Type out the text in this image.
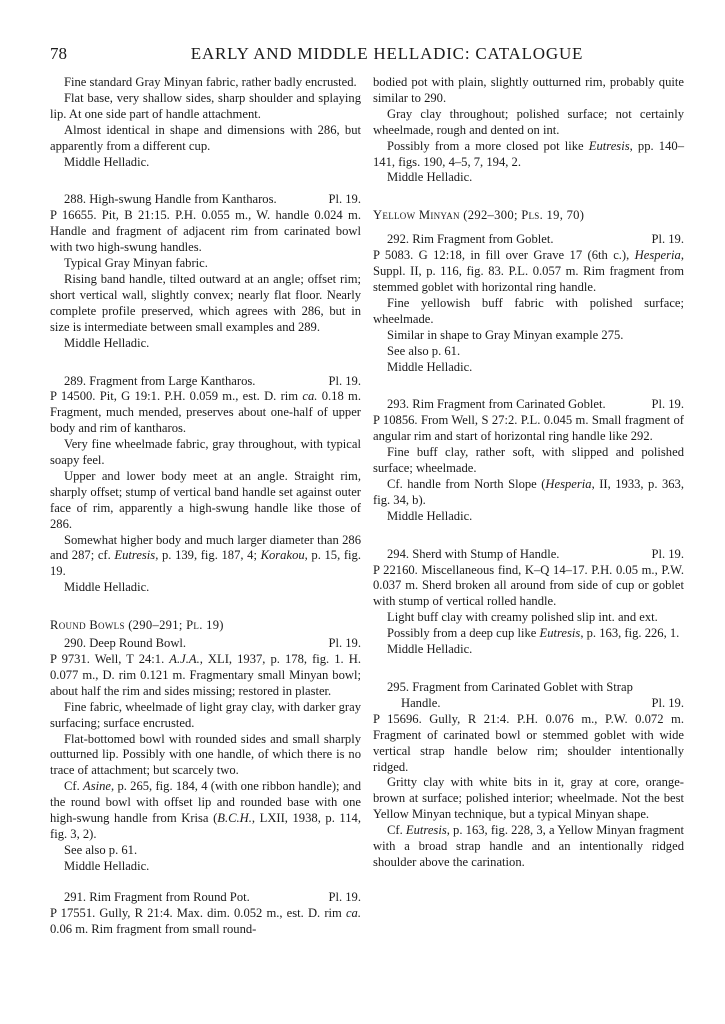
78	EARLY AND MIDDLE HELLADIC: CATALOGUE

Fine standard Gray Minyan fabric, rather badly encrusted.

Flat base, very shallow sides, sharp shoulder and splaying lip. At one side part of handle attachment.

Almost identical in shape and dimensions with 286, but apparently from a different cup.

Middle Helladic.

288. High-swung Handle from Kantharos.	Pl. 19.

P 16655. Pit, B 21:15. P.H. 0.055 m., W. handle 0.024 m. Handle and fragment of adjacent rim from carinated bowl with two high-swung handles.

Typical Gray Minyan fabric.

Rising band handle, tilted outward at an angle; offset rim; short vertical wall, slightly convex; nearly flat floor. Nearly complete profile preserved, which agrees with 286, but in size is intermediate between small examples and 289.

Middle Helladic.

289. Fragment from Large Kantharos.	Pl. 19.

P 14500. Pit, G 19:1. P.H. 0.059 m., est. D. rim ca. 0.18 m. Fragment, much mended, preserves about one-half of upper body and rim of kantharos.

Very fine wheelmade fabric, gray throughout, with typical soapy feel.

Upper and lower body meet at an angle. Straight rim, sharply offset; stump of vertical band handle set against outer face of rim, apparently a high-swung handle like those of 286.

Somewhat higher body and much larger diameter than 286 and 287; cf. Eutresis, p. 139, fig. 187, 4; Korakou, p. 15, fig. 19.

Middle Helladic.

Round Bowls (290–291; Pl. 19)

290. Deep Round Bowl.	Pl. 19.

P 9731. Well, T 24:1. A.J.A., XLI, 1937, p. 178, fig. 1. H. 0.077 m., D. rim 0.121 m. Fragmentary small Minyan bowl; about half the rim and sides missing; restored in plaster.

Fine fabric, wheelmade of light gray clay, with darker gray surfacing; surface encrusted.

Flat-bottomed bowl with rounded sides and small sharply outturned lip. Possibly with one handle, of which there is no trace of attachment; but scarcely two.

Cf. Asine, p. 265, fig. 184, 4 (with one ribbon handle); and the round bowl with offset lip and rounded base with one high-swung handle from Krisa (B.C.H., LXII, 1938, p. 114, fig. 3, 2).

See also p. 61.

Middle Helladic.

291. Rim Fragment from Round Pot.	Pl. 19.

P 17551. Gully, R 21:4. Max. dim. 0.052 m., est. D. rim ca. 0.06 m. Rim fragment from small round-

bodied pot with plain, slightly outturned rim, probably quite similar to 290.

Gray clay throughout; polished surface; not certainly wheelmade, rough and dented on int.

Possibly from a more closed pot like Eutresis, pp. 140–141, figs. 190, 4–5, 7, 194, 2.

Middle Helladic.

Yellow Minyan (292–300; Pls. 19, 70)

292. Rim Fragment from Goblet.	Pl. 19.

P 5083. G 12:18, in fill over Grave 17 (6th c.), Hesperia, Suppl. II, p. 116, fig. 83. P.L. 0.057 m. Rim fragment from stemmed goblet with horizontal ring handle.

Fine yellowish buff fabric with polished surface; wheelmade.

Similar in shape to Gray Minyan example 275.

See also p. 61.

Middle Helladic.

293. Rim Fragment from Carinated Goblet.	Pl. 19.

P 10856. From Well, S 27:2. P.L. 0.045 m. Small fragment of angular rim and start of horizontal ring handle like 292.

Fine buff clay, rather soft, with slipped and polished surface; wheelmade.

Cf. handle from North Slope (Hesperia, II, 1933, p. 363, fig. 34, b).

Middle Helladic.

294. Sherd with Stump of Handle.	Pl. 19.

P 22160. Miscellaneous find, K–Q 14–17. P.H. 0.05 m., P.W. 0.037 m. Sherd broken all around from side of cup or goblet with stump of vertical rolled handle.

Light buff clay with creamy polished slip int. and ext.

Possibly from a deep cup like Eutresis, p. 163, fig. 226, 1.

Middle Helladic.

295. Fragment from Carinated Goblet with Strap

Handle.	Pl. 19.

P 15696. Gully, R 21:4. P.H. 0.076 m., P.W. 0.072 m. Fragment of carinated bowl or stemmed goblet with wide vertical strap handle below rim; shoulder intentionally ridged.

Gritty clay with white bits in it, gray at core, orange-brown at surface; polished interior; wheelmade. Not the best Yellow Minyan technique, but a typical Minyan shape.

Cf. Eutresis, p. 163, fig. 228, 3, a Yellow Minyan fragment with a broad strap handle and an intentionally ridged shoulder above the carination.
